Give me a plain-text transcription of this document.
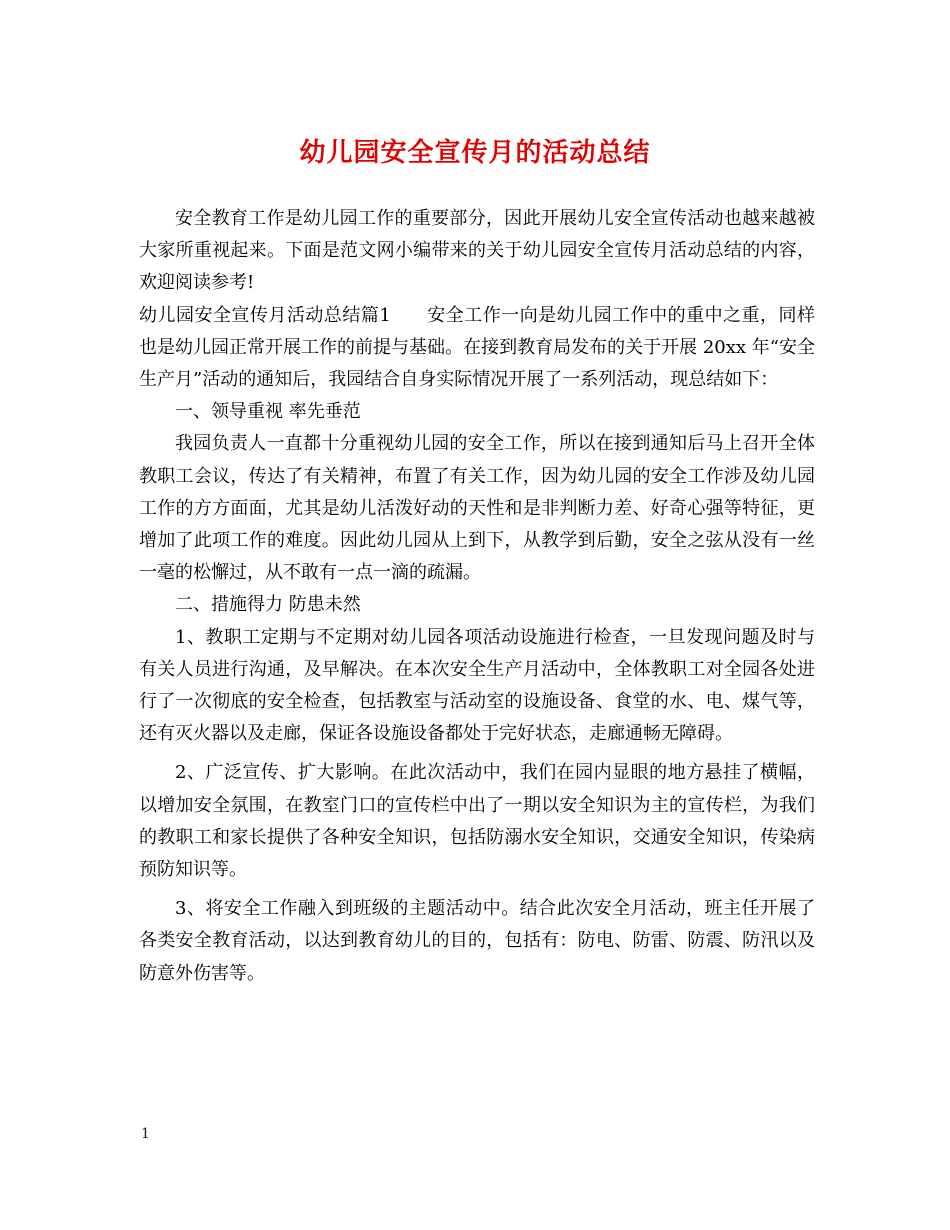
幼儿园安全宣传月的活动总结

安全教育工作是幼儿园工作的重要部分，因此开展幼儿安全宣传活动也越来越被大家所重视起来。下面是范文网小编带来的关于幼儿园安全宣传月活动总结的内容，欢迎阅读参考!

幼儿园安全宣传月活动总结篇1 安全工作一向是幼儿园工作中的重中之重，同样也是幼儿园正常开展工作的前提与基础。在接到教育局发布的关于开展 20xx 年“安全生产月”活动的通知后，我园结合自身实际情况开展了一系列活动，现总结如下：

一、领导重视 率先垂范

我园负责人一直都十分重视幼儿园的安全工作，所以在接到通知后马上召开全体教职工会议，传达了有关精神，布置了有关工作，因为幼儿园的安全工作涉及幼儿园工作的方方面面，尤其是幼儿活泼好动的天性和是非判断力差、好奇心强等特征，更增加了此项工作的难度。因此幼儿园从上到下，从教学到后勤，安全之弦从没有一丝一毫的松懈过，从不敢有一点一滴的疏漏。

二、措施得力 防患未然

1、教职工定期与不定期对幼儿园各项活动设施进行检查，一旦发现问题及时与有关人员进行沟通，及早解决。在本次安全生产月活动中，全体教职工对全园各处进行了一次彻底的安全检查，包括教室与活动室的设施设备、食堂的水、电、煤气等，还有灭火器以及走廊，保证各设施设备都处于完好状态，走廊通畅无障碍。

2、广泛宣传、扩大影响。在此次活动中，我们在园内显眼的地方悬挂了横幅，以增加安全氛围，在教室门口的宣传栏中出了一期以安全知识为主的宣传栏，为我们的教职工和家长提供了各种安全知识，包括防溺水安全知识，交通安全知识，传染病预防知识等。

3、将安全工作融入到班级的主题活动中。结合此次安全月活动，班主任开展了各类安全教育活动，以达到教育幼儿的目的，包括有：防电、防雷、防震、防汛以及防意外伤害等。

1
